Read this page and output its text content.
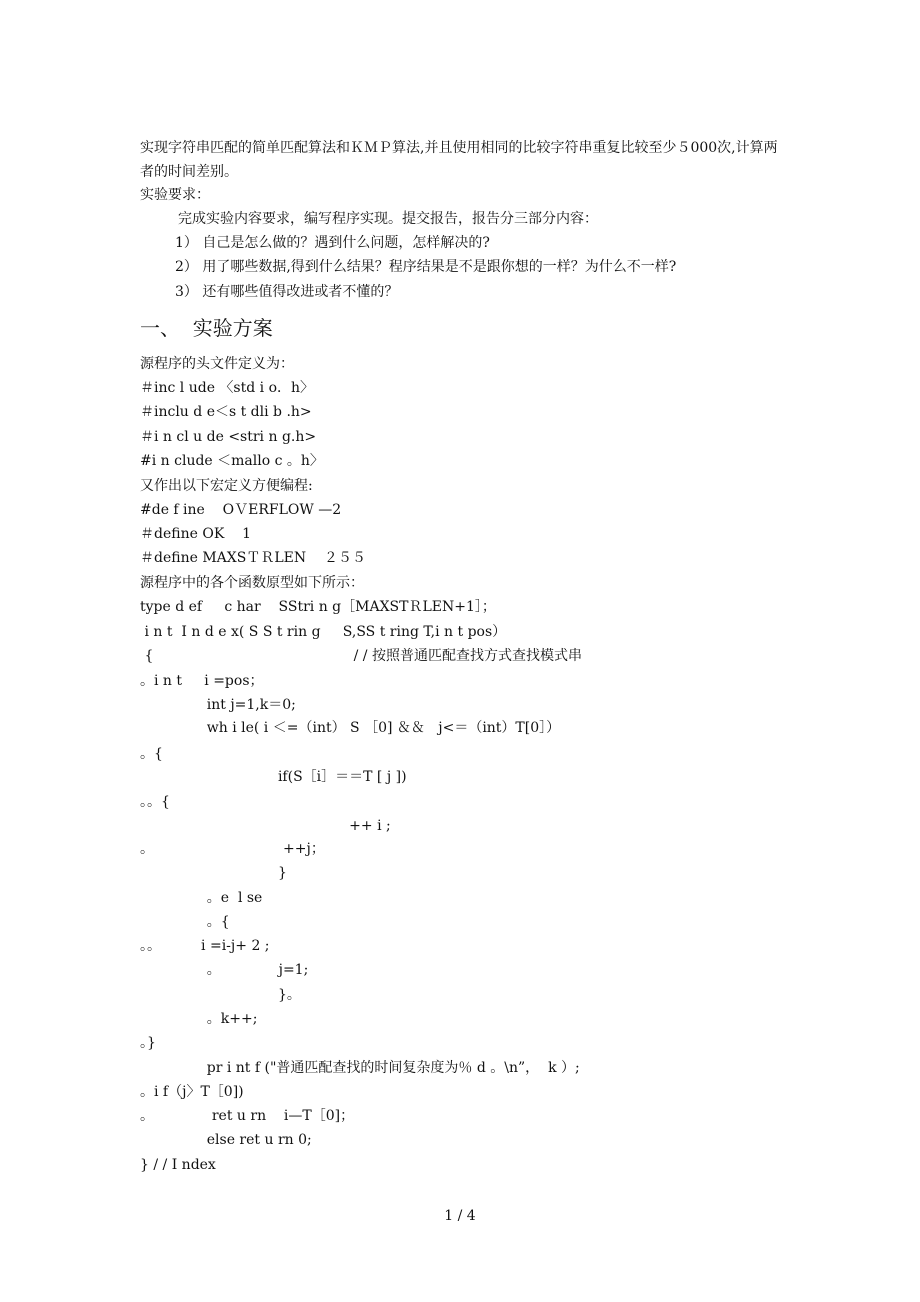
实现字符串匹配的简单匹配算法和ＫＭＰ算法,并且使用相同的比较字符串重复比较至少５000次,计算两者的时间差别。
实验要求：
完成实验内容要求，编写程序实现。提交报告，报告分三部分内容：
1） 自己是怎么做的？遇到什么问题，怎样解决的?
2） 用了哪些数据,得到什么结果？程序结果是不是跟你想的一样？为什么不一样?
3） 还有哪些值得改进或者不懂的？
一、  实验方案
源程序的头文件定义为：
＃inc l ude 〈std i o．h〉
＃inclu d e＜s t dli b .h>
＃i n cl u de <stri n g.h>
#i n clude ＜mallo c 。h〉
又作出以下宏定义方便编程:
#de f ine    OＶERFLOW —2
＃define OK    1
＃define MAXSＴＲLEN    ２５５
源程序中的各个函数原型如下所示：
type d ef     c har    SStri n g［MAXSTＲLEN+1］；
i n t  I n d e x( S S t rin g     S,SS t ring T,i n t pos）
{                                             / / 按照普通匹配查找方式查找模式串
。i n t     i =pos；
int j=1,k＝0;
wh i le( i ＜=（int） S ［0] ＆＆   j<＝（int）T[0］）
。{
if(S［i］＝＝T [ j ])
。。{
++ i ;
。                             ++j；
}
。e  l se
。{
。。         i =i-j+ 2 ;
。             j=1;
}。
。k++;
。}
pr i nt f ("普通匹配查找的时间复杂度为％ d 。\n”，  k ）;
。i f（j〉T［0])
。             ret u rn    i—T［0]；
else ret u rn 0;
} / / I ndex
1 / 4
